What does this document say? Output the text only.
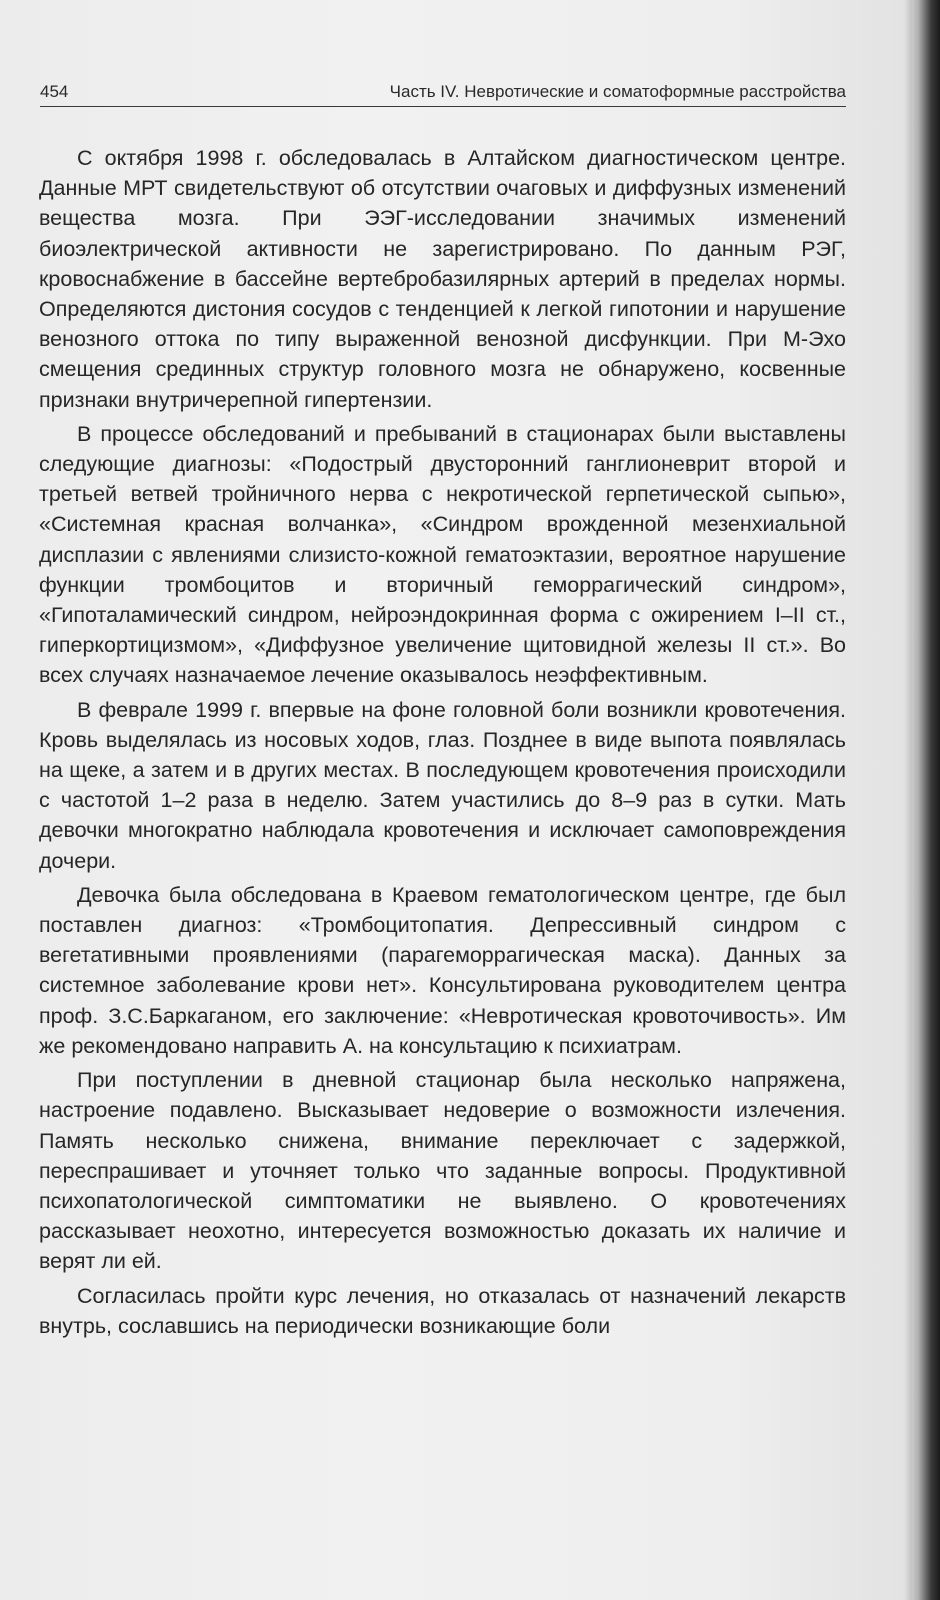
454	Часть IV. Невротические и соматоформные расстройства

С октября 1998 г. обследовалась в Алтайском диагностическом центре. Данные МРТ свидетельствуют об отсутствии очаговых и диффузных изменений вещества мозга. При ЭЭГ-исследовании значимых изменений биоэлектрической активности не зарегистрировано. По данным РЭГ, кровоснабжение в бассейне вертебробазилярных артерий в пределах нормы. Определяются дистония сосудов с тенденцией к легкой гипотонии и нарушение венозного оттока по типу выраженной венозной дисфункции. При М-Эхо смещения срединных структур головного мозга не обнаружено, косвенные признаки внутричерепной гипертензии.

В процессе обследований и пребываний в стационарах были выставлены следующие диагнозы: «Подострый двусторонний ганглионеврит второй и третьей ветвей тройничного нерва с некротической герпетической сыпью», «Системная красная волчанка», «Синдром врожденной мезенхиальной дисплазии с явлениями слизисто-кожной гематоэктазии, вероятное нарушение функции тромбоцитов и вторичный геморрагический синдром», «Гипоталамический синдром, нейроэндокринная форма с ожирением I–II ст., гиперкортицизмом», «Диффузное увеличение щитовидной железы II ст.». Во всех случаях назначаемое лечение оказывалось неэффективным.

В феврале 1999 г. впервые на фоне головной боли возникли кровотечения. Кровь выделялась из носовых ходов, глаз. Позднее в виде выпота появлялась на щеке, а затем и в других местах. В последующем кровотечения происходили с частотой 1–2 раза в неделю. Затем участились до 8–9 раз в сутки. Мать девочки многократно наблюдала кровотечения и исключает самоповреждения дочери.

Девочка была обследована в Краевом гематологическом центре, где был поставлен диагноз: «Тромбоцитопатия. Депрессивный синдром с вегетативными проявлениями (парагеморрагическая маска). Данных за системное заболевание крови нет». Консультирована руководителем центра проф. З.С.Баркаганом, его заключение: «Невротическая кровоточивость». Им же рекомендовано направить А. на консультацию к психиатрам.

При поступлении в дневной стационар была несколько напряжена, настроение подавлено. Высказывает недоверие о возможности излечения. Память несколько снижена, внимание переключает с задержкой, переспрашивает и уточняет только что заданные вопросы. Продуктивной психопатологической симптоматики не выявлено. О кровотечениях рассказывает неохотно, интересуется возможностью доказать их наличие и верят ли ей.

Согласилась пройти курс лечения, но отказалась от назначений лекарств внутрь, сославшись на периодически возникающие боли
